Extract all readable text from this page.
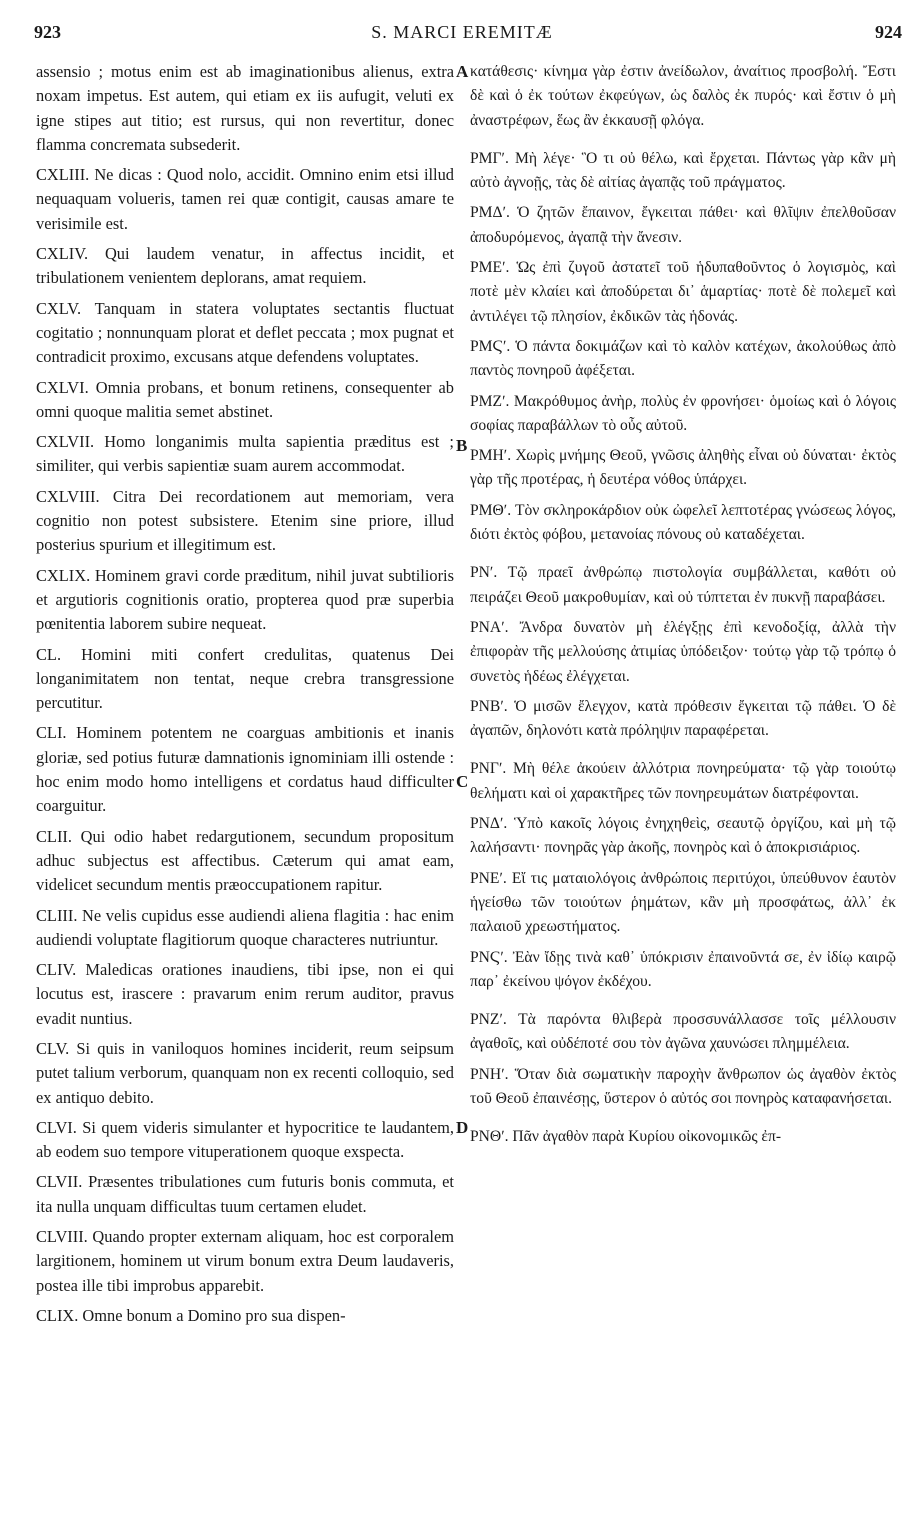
923	S. MARCI EREMITÆ	924

assensio ; motus enim est ab imaginationibus alienus, extra noxam impetus. Est autem, qui etiam ex iis aufugit, veluti ex igne stipes aut titio; est rursus, qui non revertitur, donec flamma concremata subsederit.

CXLIII. Ne dicas : Quod nolo, accidit. Omnino enim etsi illud nequaquam volueris, tamen rei quæ contigit, causas amare te verisimile est.

CXLIV. Qui laudem venatur, in affectus incidit, et tribulationem venientem deplorans, amat requiem.

CXLV. Tanquam in statera voluptates sectantis fluctuat cogitatio ; nonnunquam plorat et deflet peccata ; mox pugnat et contradicit proximo, excusans atque defendens voluptates.

CXLVI. Omnia probans, et bonum retinens, consequenter ab omni quoque malitia semet abstinet.

CXLVII. Homo longanimis multa sapientia præditus est ; similiter, qui verbis sapientiæ suam aurem accommodat.

CXLVIII. Citra Dei recordationem aut memoriam, vera cognitio non potest subsistere. Etenim sine priore, illud posterius spurium et illegitimum est.

CXLIX. Hominem gravi corde præditum, nihil juvat subtilioris et argutioris cognitionis oratio, propterea quod præ superbia pœnitentia laborem subire nequeat.

CL. Homini miti confert credulitas, quatenus Dei longanimitatem non tentat, neque crebra transgressione percutitur.

CLI. Hominem potentem ne coarguas ambitionis et inanis gloriæ, sed potius futuræ damnationis ignominiam illi ostende : hoc enim modo homo intelligens et cordatus haud difficulter coarguitur.

CLII. Qui odio habet redargutionem, secundum propositum adhuc subjectus est affectibus. Cæterum qui amat eam, videlicet secundum mentis præoccupationem rapitur.

CLIII. Ne velis cupidus esse audiendi aliena flagitia : hac enim audiendi voluptate flagitiorum quoque characteres nutriuntur.

CLIV. Maledicas orationes inaudiens, tibi ipse, non ei qui locutus est, irascere : pravarum enim rerum auditor, pravus evadit nuntius.

CLV. Si quis in vaniloquos homines inciderit, reum seipsum putet talium verborum, quanquam non ex recenti colloquio, sed ex antiquo debito.

CLVI. Si quem videris simulanter et hypocritice te laudantem, ab eodem suo tempore vituperationem quoque exspecta.

CLVII. Præsentes tribulationes cum futuris bonis commuta, et ita nulla unquam difficultas tuum certamen eludet.

CLVIII. Quando propter externam aliquam, hoc est corporalem largitionem, hominem ut virum bonum extra Deum laudaveris, postea ille tibi improbus apparebit.

CLIX. Omne bonum a Domino pro sua dispen-

A
B
C
D

κατάθεσις· κίνημα γὰρ ἐστιν ἀνείδωλον, ἀναίτιος προσβολή. Ἔστι δὲ καὶ ὁ ἐκ τούτων ἐκφεύγων, ὡς δαλὸς ἐκ πυρός· καὶ ἔστιν ὁ μὴ ἀναστρέφων, ἕως ἂν ἐκκαυσῇ φλόγα.

ΡΜΓʹ. Μὴ λέγε· Ὃ τι οὐ θέλω, καὶ ἔρχεται. Πάντως γὰρ κἂν μὴ αὐτὸ ἀγνοῇς, τὰς δὲ αἰτίας ἀγαπᾷς τοῦ πράγματος.

ΡΜΔʹ. Ὁ ζητῶν ἔπαινον, ἔγκειται πάθει· καὶ θλῖψιν ἐπελθοῦσαν ἀποδυρόμενος, ἀγαπᾷ τὴν ἄνεσιν.

ΡΜΕʹ. Ὡς ἐπὶ ζυγοῦ ἀστατεῖ τοῦ ἡδυπαθοῦντος ὁ λογισμὸς, καὶ ποτὲ μὲν κλαίει καὶ ἀποδύρεται δι᾽ ἁμαρτίας· ποτὲ δὲ πολεμεῖ καὶ ἀντιλέγει τῷ πλησίον, ἐκδικῶν τὰς ἡδονάς.

ΡΜϚʹ. Ὁ πάντα δοκιμάζων καὶ τὸ καλὸν κατέχων, ἀκολούθως ἀπὸ παντὸς πονηροῦ ἀφέξεται.

ΡΜΖʹ. Μακρόθυμος ἀνὴρ, πολὺς ἐν φρονήσει· ὁμοίως καὶ ὁ λόγοις σοφίας παραβάλλων τὸ οὖς αὐτοῦ.

ΡΜΗʹ. Χωρὶς μνήμης Θεοῦ, γνῶσις ἀληθὴς εἶναι οὐ δύναται· ἐκτὸς γὰρ τῆς προτέρας, ἡ δευτέρα νόθος ὑπάρχει.

ΡΜΘʹ. Τὸν σκληροκάρδιον οὐκ ὠφελεῖ λεπτοτέρας γνώσεως λόγος, διότι ἐκτὸς φόβου, μετανοίας πόνους οὐ καταδέχεται.

ΡΝʹ. Τῷ πραεῖ ἀνθρώπῳ πιστολογία συμβάλλεται, καθότι οὐ πειράζει Θεοῦ μακροθυμίαν, καὶ οὐ τύπτεται ἐν πυκνῇ παραβάσει.

ΡΝΑʹ. Ἄνδρα δυνατὸν μὴ ἐλέγξῃς ἐπὶ κενοδοξίᾳ, ἀλλὰ τὴν ἐπιφορὰν τῆς μελλούσης ἀτιμίας ὑπόδειξον· τούτῳ γὰρ τῷ τρόπῳ ὁ συνετὸς ἡδέως ἐλέγχεται.

ΡΝΒʹ. Ὁ μισῶν ἔλεγχον, κατὰ πρόθεσιν ἔγκειται τῷ πάθει. Ὁ δὲ ἀγαπῶν, δηλονότι κατὰ πρόληψιν παραφέρεται.

ΡΝΓʹ. Μὴ θέλε ἀκούειν ἀλλότρια πονηρεύματα· τῷ γὰρ τοιούτῳ θελήματι καὶ οἱ χαρακτῆρες τῶν πονηρευμάτων διατρέφονται.

ΡΝΔʹ. Ὑπὸ κακοῖς λόγοις ἐνηχηθεὶς, σεαυτῷ ὀργίζου, καὶ μὴ τῷ λαλήσαντι· πονηρᾶς γὰρ ἀκοῆς, πονηρὸς καὶ ὁ ἀποκρισιάριος.

ΡΝΕʹ. Εἴ τις ματαιολόγοις ἀνθρώποις περιτύχοι, ὑπεύθυνον ἑαυτὸν ἡγείσθω τῶν τοιούτων ῥημάτων, κἂν μὴ προσφάτως, ἀλλ᾽ ἐκ παλαιοῦ χρεωστήματος.

ΡΝϚʹ. Ἐὰν ἴδῃς τινὰ καθ᾽ ὑπόκρισιν ἐπαινοῦντά σε, ἐν ἰδίῳ καιρῷ παρ᾽ ἐκείνου ψόγον ἐκδέχου.

ΡΝΖʹ. Τὰ παρόντα θλιβερὰ προσσυνάλλασσε τοῖς μέλλουσιν ἀγαθοῖς, καὶ οὐδέποτέ σου τὸν ἀγῶνα χαυνώσει πλημμέλεια.

ΡΝΗʹ. Ὅταν διὰ σωματικὴν παροχὴν ἄνθρωπον ὡς ἀγαθὸν ἐκτὸς τοῦ Θεοῦ ἐπαινέσῃς, ὕστερον ὁ αὐτός σοι πονηρὸς καταφανήσεται.

ΡΝΘʹ. Πᾶν ἀγαθὸν παρὰ Κυρίου οἰκονομικῶς ἐπ-
